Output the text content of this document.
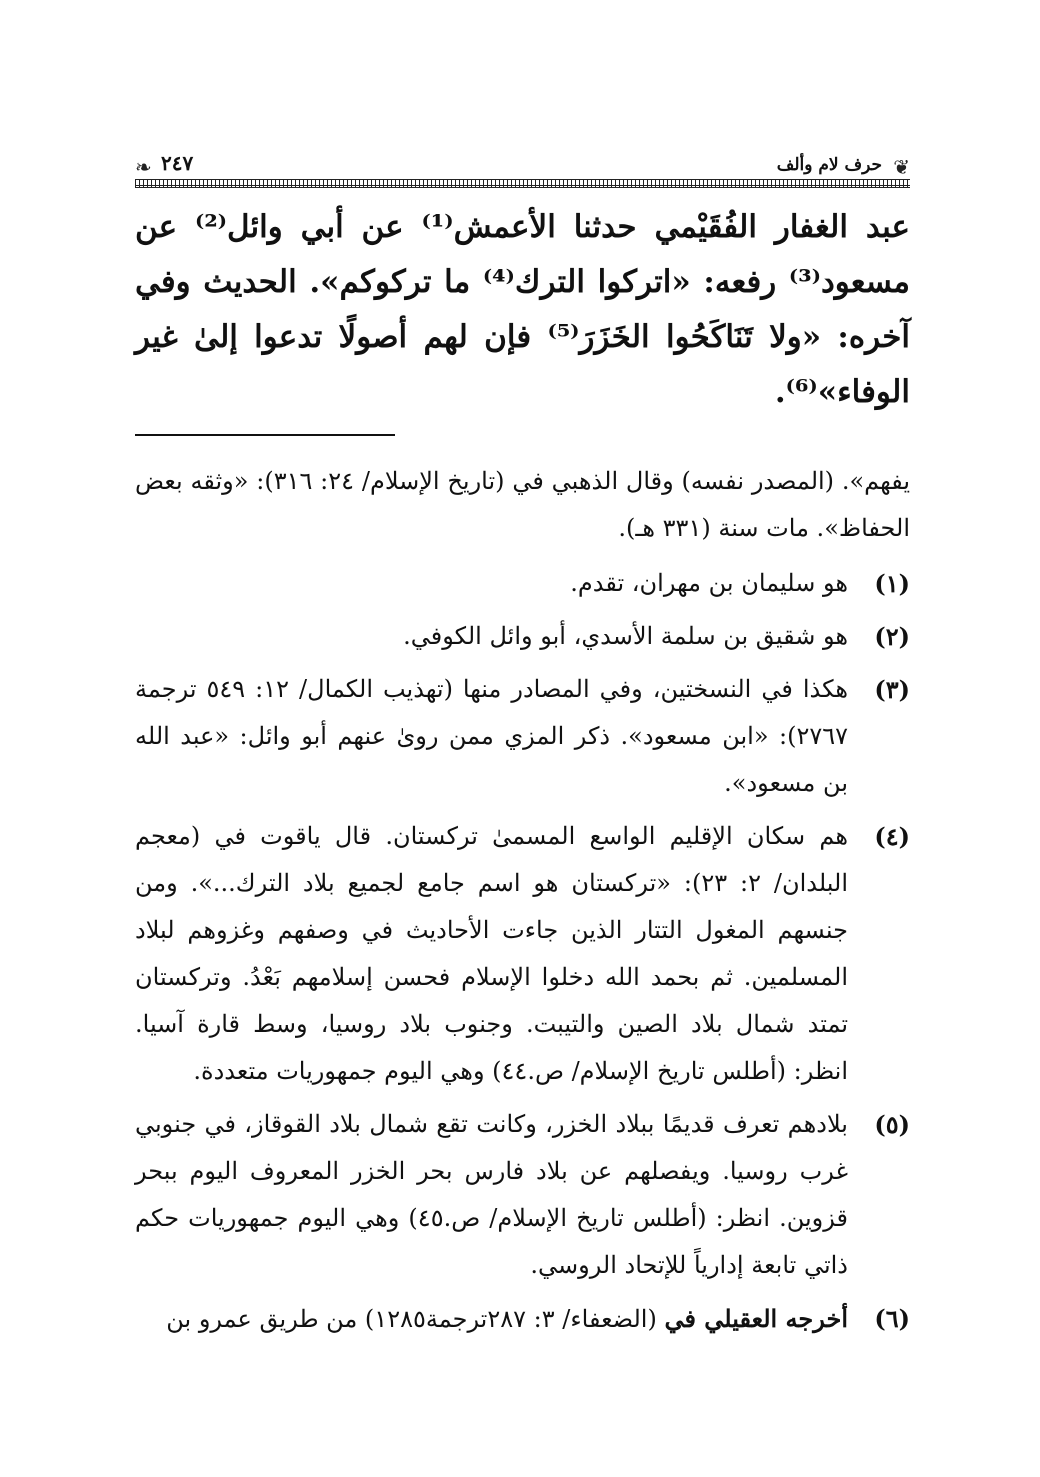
❦
حرف لام وألف
٢٤٧
❧

عبد الغفار الفُقَيْمي حدثنا الأعمش⁽¹⁾ عن أبي وائل⁽²⁾ عن مسعود⁽³⁾ رفعه: «اتركوا الترك⁽⁴⁾ ما تركوكم». الحديث وفي آخره: «ولا تَنَاكَحُوا الخَزَرَ⁽⁵⁾ فإن لهم أصولًا تدعوا إلىٰ غير الوفاء»⁽⁶⁾.

يفهم». (المصدر نفسه) وقال الذهبي في (تاريخ الإسلام/ ٢٤: ٣١٦): «وثقه بعض الحفاظ». مات سنة (٣٣١ هـ).

(١)
هو سليمان بن مهران، تقدم.
(٢)
هو شقيق بن سلمة الأسدي، أبو وائل الكوفي.
(٣)
هكذا في النسختين، وفي المصادر منها (تهذيب الكمال/ ١٢: ٥٤٩ ترجمة ٢٧٦٧): «ابن مسعود». ذكر المزي ممن روىٰ عنهم أبو وائل: «عبد الله بن مسعود».
(٤)
هم سكان الإقليم الواسع المسمىٰ تركستان. قال ياقوت في (معجم البلدان/ ٢: ٢٣): «تركستان هو اسم جامع لجميع بلاد الترك...». ومن جنسهم المغول التتار الذين جاءت الأحاديث في وصفهم وغزوهم لبلاد المسلمين. ثم بحمد الله دخلوا الإسلام فحسن إسلامهم بَعْدُ. وتركستان تمتد شمال بلاد الصين والتيبت. وجنوب بلاد روسيا، وسط قارة آسيا. انظر: (أطلس تاريخ الإسلام/ ص.٤٤) وهي اليوم جمهوريات متعددة.
(٥)
بلادهم تعرف قديمًا ببلاد الخزر، وكانت تقع شمال بلاد القوقاز، في جنوبي غرب روسيا. ويفصلهم عن بلاد فارس بحر الخزر المعروف اليوم ببحر قزوين. انظر: (أطلس تاريخ الإسلام/ ص.٤٥) وهي اليوم جمهوريات حكم ذاتي تابعة إدارياً للإتحاد الروسي.
(٦)
أخرجه العقيلي في (الضعفاء/ ٣: ٢٨٧ترجمة١٢٨٥) من طريق عمرو بن
